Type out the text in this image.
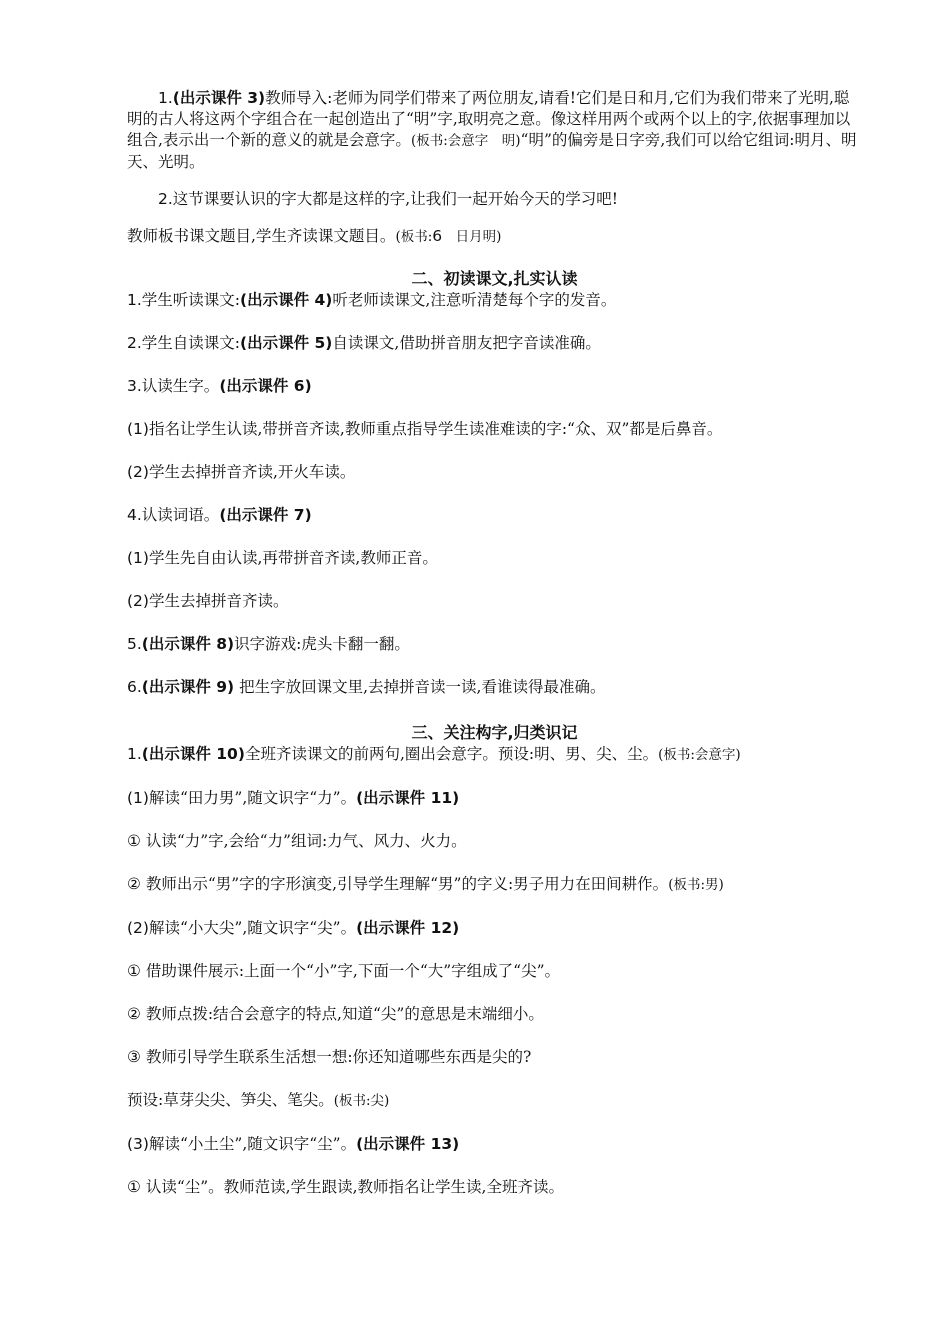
1.(出示课件 3)教师导入:老师为同学们带来了两位朋友,请看!它们是日和月,它们为我们带来了光明,聪明的古人将这两个字组合在一起创造出了“明”字,取明亮之意。像这样用两个或两个以上的字,依据事理加以组合,表示出一个新的意义的就是会意字。(板书:会意字　明)“明”的偏旁是日字旁,我们可以给它组词:明月、明天、光明。

2.这节课要认识的字大都是这样的字,让我们一起开始今天的学习吧!

教师板书课文题目,学生齐读课文题目。(板书:6　日月明)

二、初读课文,扎实认读

1.学生听读课文:(出示课件 4)听老师读课文,注意听清楚每个字的发音。

2.学生自读课文:(出示课件 5)自读课文,借助拼音朋友把字音读准确。

3.认读生字。(出示课件 6)

(1)指名让学生认读,带拼音齐读,教师重点指导学生读准难读的字:“众、双”都是后鼻音。

(2)学生去掉拼音齐读,开火车读。

4.认读词语。(出示课件 7)

(1)学生先自由认读,再带拼音齐读,教师正音。

(2)学生去掉拼音齐读。

5.(出示课件 8)识字游戏:虎头卡翻一翻。

6.(出示课件 9) 把生字放回课文里,去掉拼音读一读,看谁读得最准确。

三、关注构字,归类识记

1.(出示课件 10)全班齐读课文的前两句,圈出会意字。预设:明、男、尖、尘。(板书:会意字)

(1)解读“田力男”,随文识字“力”。(出示课件 11)

① 认读“力”字,会给“力”组词:力气、风力、火力。

② 教师出示“男”字的字形演变,引导学生理解“男”的字义:男子用力在田间耕作。(板书:男)

(2)解读“小大尖”,随文识字“尖”。(出示课件 12)

① 借助课件展示:上面一个“小”字,下面一个“大”字组成了“尖”。

② 教师点拨:结合会意字的特点,知道“尖”的意思是末端细小。

③ 教师引导学生联系生活想一想:你还知道哪些东西是尖的?

预设:草芽尖尖、笋尖、笔尖。(板书:尖)

(3)解读“小土尘”,随文识字“尘”。(出示课件 13)

① 认读“尘”。教师范读,学生跟读,教师指名让学生读,全班齐读。
